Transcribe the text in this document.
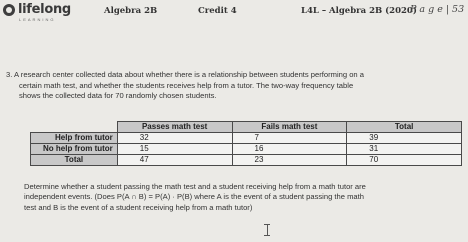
lifelong
LEARNING
Algebra 2B	Credit 4	L4L – Algebra 2B (2020)
P a g e | 53
3. A research center collected data about whether there is a relationship between students performing on a
certain math test, and whether the students receives help from a tutor. The two-way frequency table
shows the collected data for 70 randomly chosen students.
	Passes math test	Fails math test	Total
Help from tutor	32	7	39
No help from tutor	15	16	31
Total	47	23	70
Determine whether a student passing the math test and a student receiving help from a math tutor are
independent events. (Does P(A ∩ B) = P(A) · P(B) where A is the event of a student passing the math
test and B is the event of a student receiving help from a math tutor)
